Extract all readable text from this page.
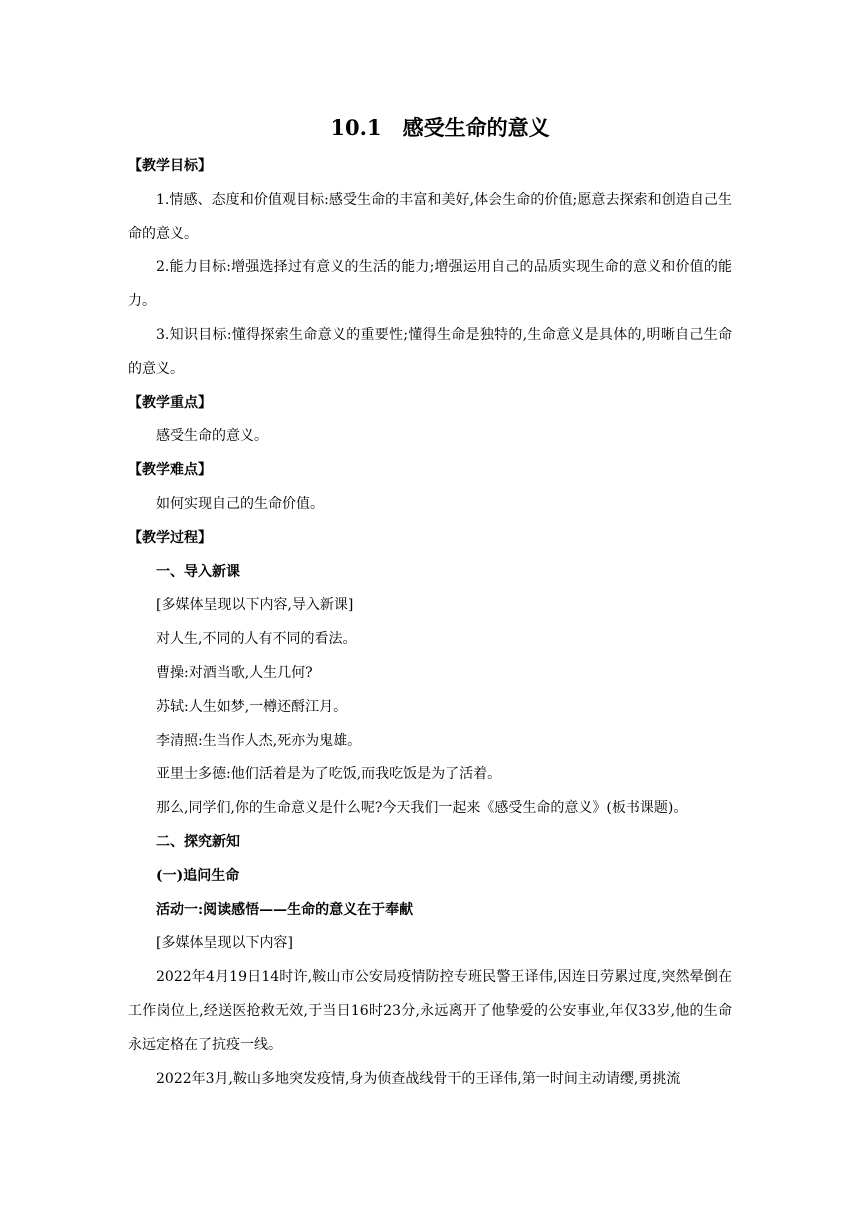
10.1　感受生命的意义

【教学目标】

1.情感、态度和价值观目标:感受生命的丰富和美好,体会生命的价值;愿意去探索和创造自己生命的意义。

2.能力目标:增强选择过有意义的生活的能力;增强运用自己的品质实现生命的意义和价值的能力。

3.知识目标:懂得探索生命意义的重要性;懂得生命是独特的,生命意义是具体的,明晰自己生命的意义。

【教学重点】

感受生命的意义。

【教学难点】

如何实现自己的生命价值。

【教学过程】

一、导入新课

[多媒体呈现以下内容,导入新课]

对人生,不同的人有不同的看法。

曹操:对酒当歌,人生几何?

苏轼:人生如梦,一樽还酹江月。

李清照:生当作人杰,死亦为鬼雄。

亚里士多德:他们活着是为了吃饭,而我吃饭是为了活着。

那么,同学们,你的生命意义是什么呢?今天我们一起来《感受生命的意义》(板书课题)。

二、探究新知

(一)追问生命

活动一:阅读感悟——生命的意义在于奉献

[多媒体呈现以下内容]

2022年4月19日14时许,鞍山市公安局疫情防控专班民警王译伟,因连日劳累过度,突然晕倒在工作岗位上,经送医抢救无效,于当日16时23分,永远离开了他挚爱的公安事业,年仅33岁,他的生命永远定格在了抗疫一线。

2022年3月,鞍山多地突发疫情,身为侦查战线骨干的王译伟,第一时间主动请缨,勇挑流
